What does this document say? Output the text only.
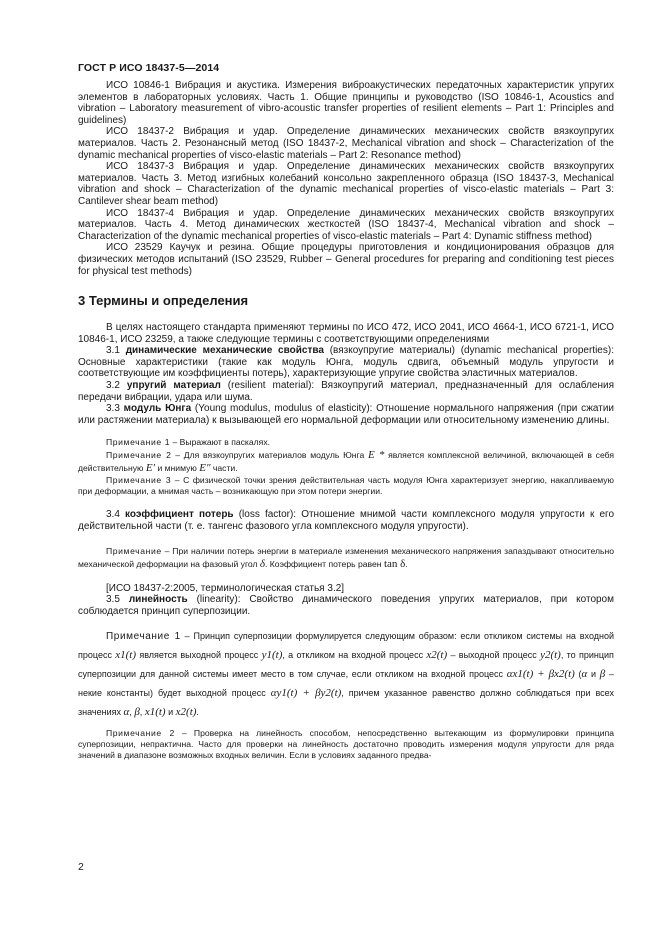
ГОСТ Р ИСО 18437-5—2014

ИСО 10846-1 Вибрация и акустика. Измерения виброакустических передаточных характеристик упругих элементов в лабораторных условиях. Часть 1. Общие принципы и руководство (ISO 10846-1, Acoustics and vibration – Laboratory measurement of vibro-acoustic transfer properties of resilient elements – Part 1: Principles and guidelines)

ИСО 18437-2 Вибрация и удар. Определение динамических механических свойств вязкоупругих материалов. Часть 2. Резонансный метод (ISO 18437-2, Mechanical vibration and shock – Characterization of the dynamic mechanical properties of visco-elastic materials – Part 2: Resonance method)

ИСО 18437-3 Вибрация и удар. Определение динамических механических свойств вязкоупругих материалов. Часть 3. Метод изгибных колебаний консольно закрепленного образца (ISO 18437-3, Mechanical vibration and shock – Characterization of the dynamic mechanical properties of visco-elastic materials – Part 3: Cantilever shear beam method)

ИСО 18437-4 Вибрация и удар. Определение динамических механических свойств вязкоупругих материалов. Часть 4. Метод динамических жесткостей (ISO 18437-4, Mechanical vibration and shock – Characterization of the dynamic mechanical properties of visco-elastic materials – Part 4: Dynamic stiffness method)

ИСО 23529 Каучук и резина. Общие процедуры приготовления и кондиционирования образцов для физических методов испытаний (ISO 23529, Rubber – General procedures for preparing and conditioning test pieces for physical test methods)

3 Термины и определения

В целях настоящего стандарта применяют термины по ИСО 472, ИСО 2041, ИСО 4664-1, ИСО 6721-1, ИСО 10846-1, ИСО 23259, а также следующие термины с соответствующими определениями

3.1 динамические механические свойства (вязкоупругие материалы) (dynamic mechanical properties): Основные характеристики (такие как модуль Юнга, модуль сдвига, объемный модуль упругости и соответствующие им коэффициенты потерь), характеризующие упругие свойства эластичных материалов.

3.2 упругий материал (resilient material): Вязкоупругий материал, предназначенный для ослабления передачи вибрации, удара или шума.

3.3 модуль Юнга (Young modulus, modulus of elasticity): Отношение нормального напряжения (при сжатии или растяжении материала) к вызывающей его нормальной деформации или относительному изменению длины.

Примечание 1 – Выражают в паскалях.

Примечание 2 – Для вязкоупругих материалов модуль Юнга E * является комплексной величиной, включающей в себя действительную E′ и мнимую E″ части.

Примечание 3 – С физической точки зрения действительная часть модуля Юнга характеризует энергию, накапливаемую при деформации, а мнимая часть – возникающую при этом потери энергии.

3.4 коэффициент потерь (loss factor): Отношение мнимой части комплексного модуля упругости к его действительной части (т. е. тангенс фазового угла комплексного модуля упругости).

Примечание – При наличии потерь энергии в материале изменения механического напряжения запаздывают относительно механической деформации на фазовый угол δ. Коэффициент потерь равен tan δ.

[ИСО 18437-2:2005, терминологическая статья 3.2]

3.5 линейность (linearity): Свойство динамического поведения упругих материалов, при котором соблюдается принцип суперпозиции.

Примечание 1 – Принцип суперпозиции формулируется следующим образом: если откликом системы на входной процесс x1(t) является выходной процесс y1(t), а откликом на входной процесс x2(t) – выходной процесс y2(t), то принцип суперпозиции для данной системы имеет место в том случае, если откликом на входной процесс αx1(t) + βx2(t) (α и β – некие константы) будет выходной процесс αy1(t) + βy2(t), причем указанное равенство должно соблюдаться при всех значениях α, β, x1(t) и x2(t).

Примечание 2 – Проверка на линейность способом, непосредственно вытекающим из формулировки принципа суперпозиции, непрактична. Часто для проверки на линейность достаточно проводить измерения модуля упругости для ряда значений в диапазоне возможных входных величин. Если в условиях заданного предва-

2
